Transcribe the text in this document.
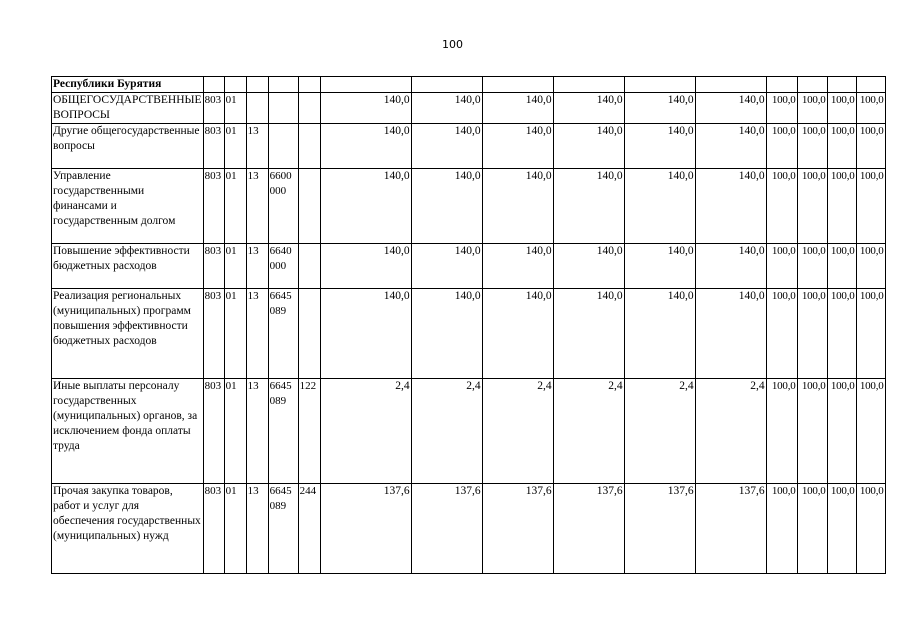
100
Республики Бурятия															
ОБЩЕГОСУДАРСТВЕННЫЕ ВОПРОСЫ	803	01				140,0	140,0	140,0	140,0	140,0	140,0	100,0	100,0	100,0	100,0
Другие общегосударственные вопросы	803	01	13			140,0	140,0	140,0	140,0	140,0	140,0	100,0	100,0	100,0	100,0
Управление государственными финансами и государственным долгом	803	01	13	6600 000		140,0	140,0	140,0	140,0	140,0	140,0	100,0	100,0	100,0	100,0
Повышение эффективности бюджетных расходов	803	01	13	6640 000		140,0	140,0	140,0	140,0	140,0	140,0	100,0	100,0	100,0	100,0
Реализация региональных (муниципальных) программ повышения эффективности бюджетных расходов	803	01	13	6645 089		140,0	140,0	140,0	140,0	140,0	140,0	100,0	100,0	100,0	100,0
Иные выплаты персоналу государственных (муниципальных) органов, за исключением фонда оплаты труда	803	01	13	6645 089	122	2,4	2,4	2,4	2,4	2,4	2,4	100,0	100,0	100,0	100,0
Прочая закупка товаров, работ и услуг для обеспечения государственных (муниципальных) нужд	803	01	13	6645 089	244	137,6	137,6	137,6	137,6	137,6	137,6	100,0	100,0	100,0	100,0
